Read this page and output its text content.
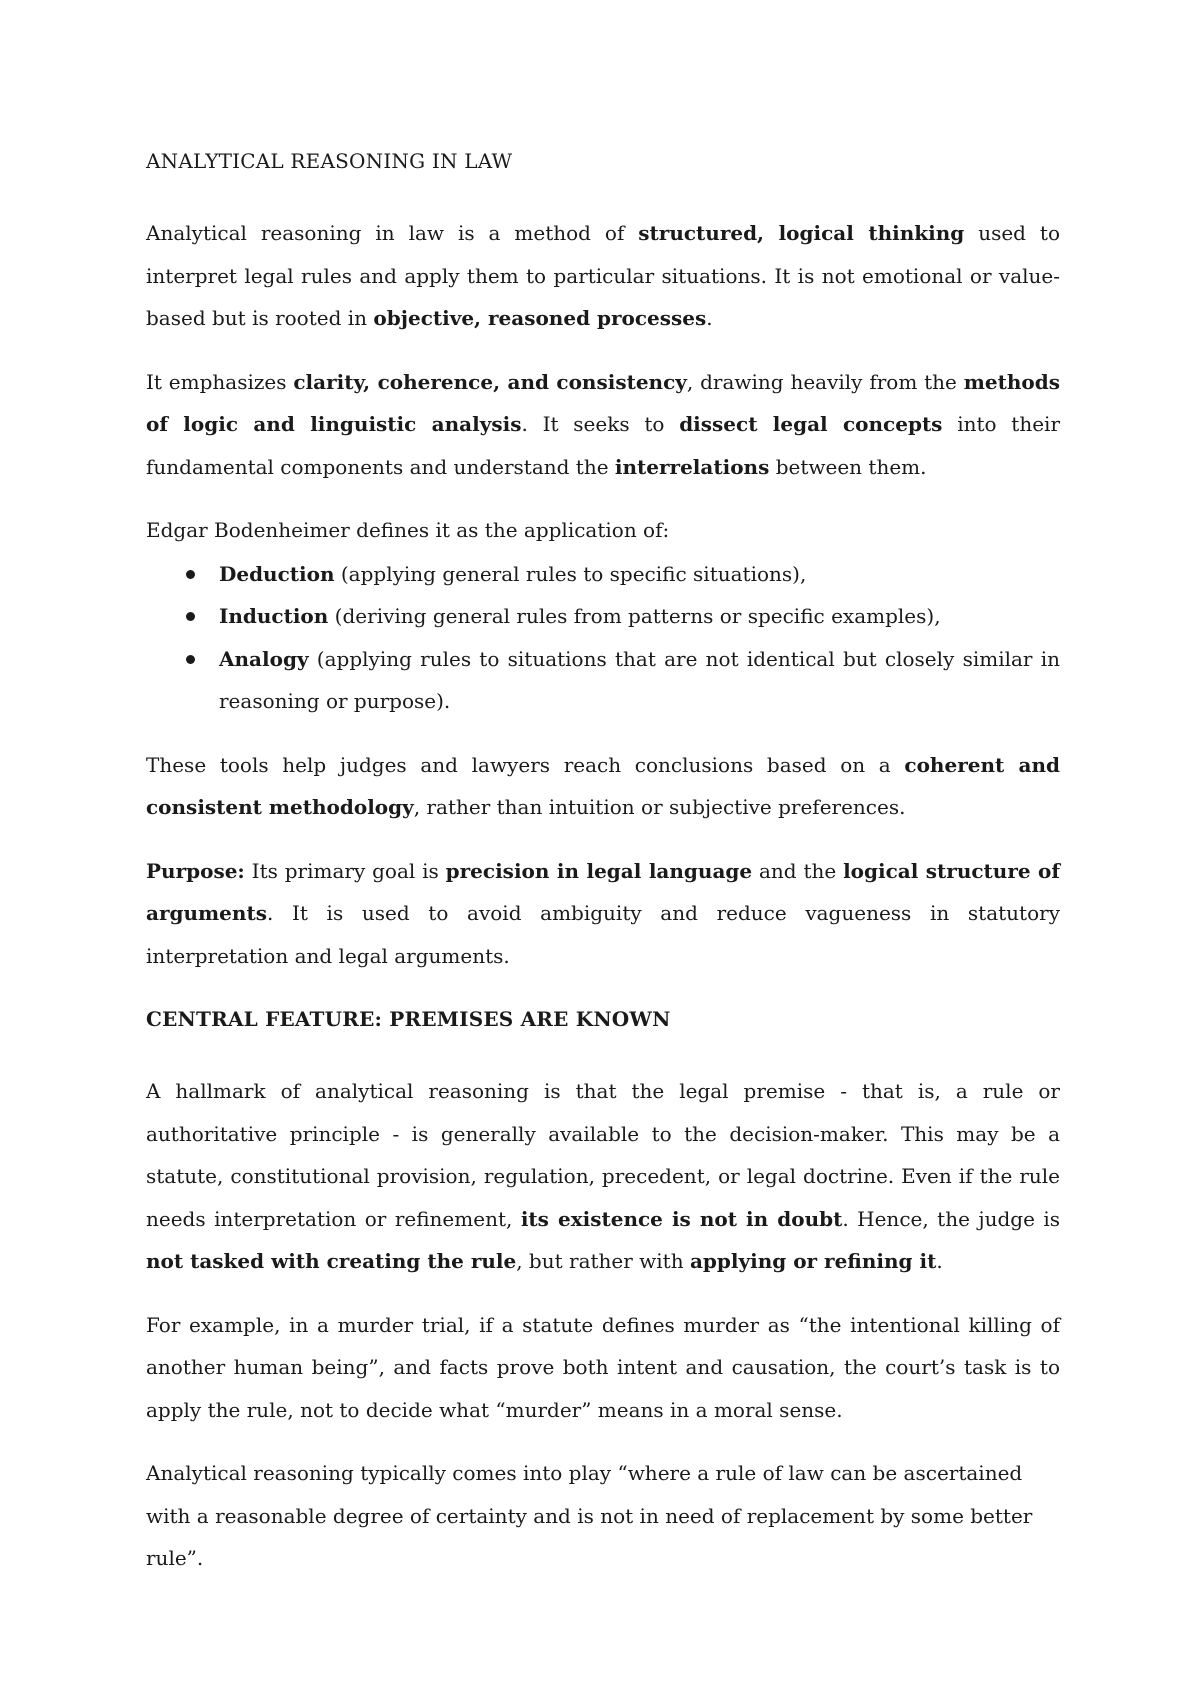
ANALYTICAL REASONING IN LAW

Analytical reasoning in law is a method of structured, logical thinking used to interpret legal rules and apply them to particular situations. It is not emotional or value-based but is rooted in objective, reasoned processes.

It emphasizes clarity, coherence, and consistency, drawing heavily from the methods of logic and linguistic analysis. It seeks to dissect legal concepts into their fundamental components and understand the interrelations between them.

Edgar Bodenheimer defines it as the application of:

Deduction (applying general rules to specific situations),
Induction (deriving general rules from patterns or specific examples),
Analogy (applying rules to situations that are not identical but closely similar in reasoning or purpose).

These tools help judges and lawyers reach conclusions based on a coherent and consistent methodology, rather than intuition or subjective preferences.

Purpose: Its primary goal is precision in legal language and the logical structure of arguments. It is used to avoid ambiguity and reduce vagueness in statutory interpretation and legal arguments.

CENTRAL FEATURE: PREMISES ARE KNOWN

A hallmark of analytical reasoning is that the legal premise - that is, a rule or authoritative principle - is generally available to the decision-maker. This may be a statute, constitutional provision, regulation, precedent, or legal doctrine. Even if the rule needs interpretation or refinement, its existence is not in doubt. Hence, the judge is not tasked with creating the rule, but rather with applying or refining it.

For example, in a murder trial, if a statute defines murder as “the intentional killing of another human being”, and facts prove both intent and causation, the court’s task is to apply the rule, not to decide what “murder” means in a moral sense.

Analytical reasoning typically comes into play “where a rule of law can be ascertained
with a reasonable degree of certainty and is not in need of replacement by some better
rule”.
